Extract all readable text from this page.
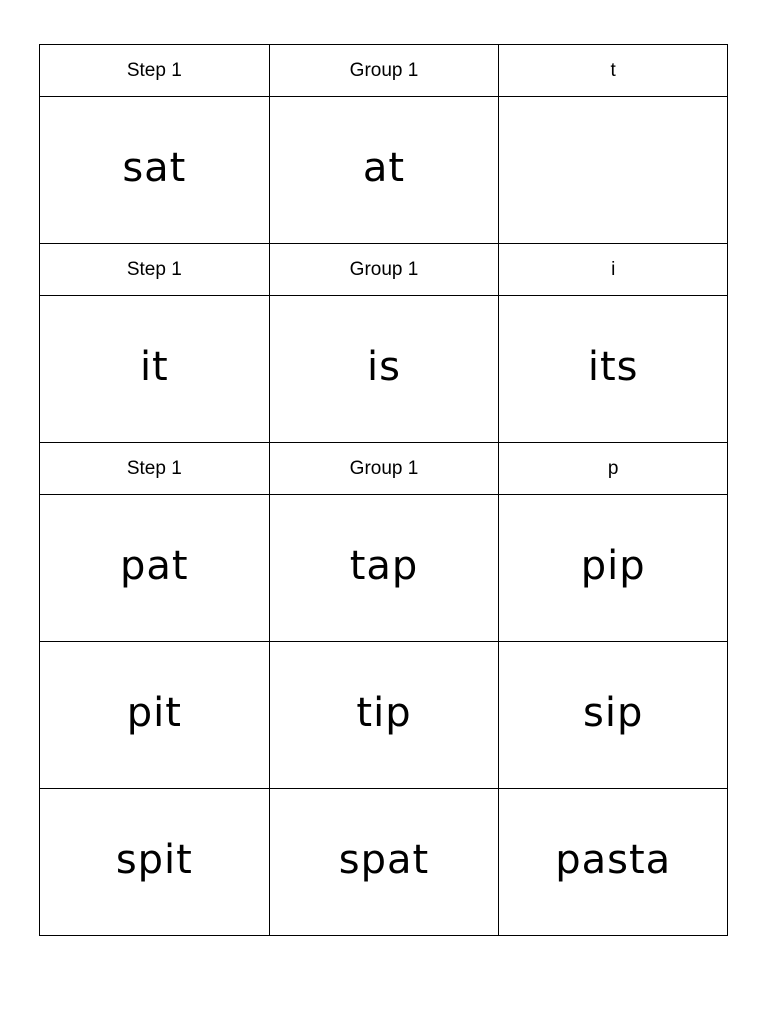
Step 1	Group 1	t
sat	at
Step 1	Group 1	i
it	is	its
Step 1	Group 1	p
pat	tap	pip
pit	tip	sip
spit	spat	pasta
